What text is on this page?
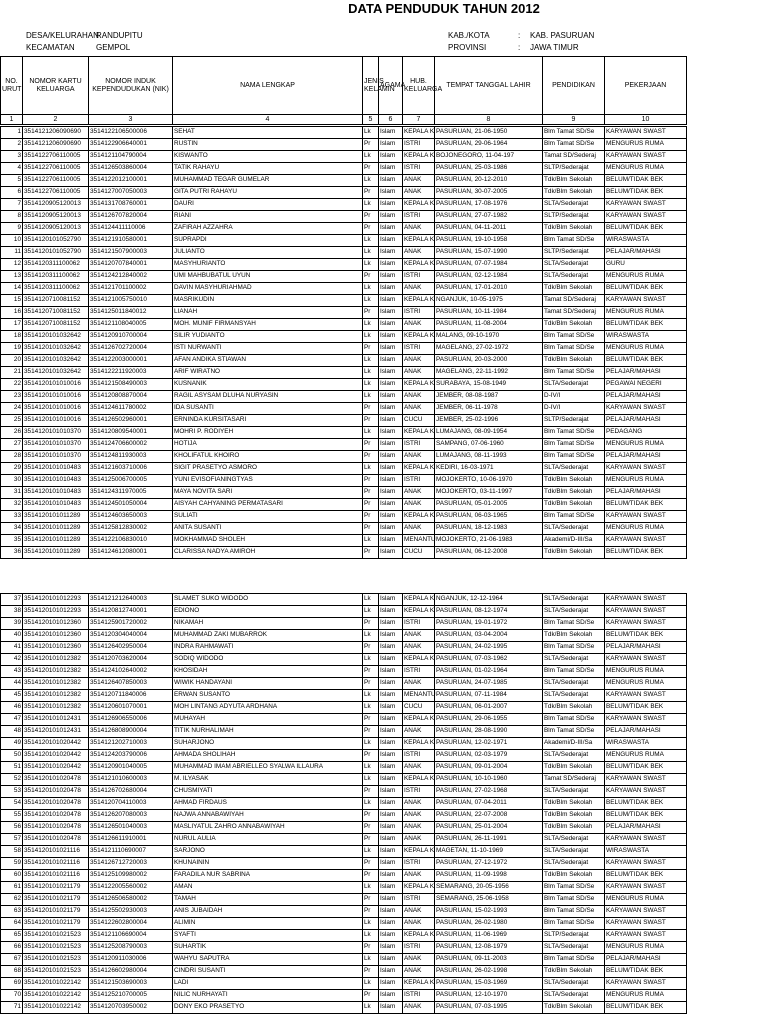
DATA PENDUDUK TAHUN 2012
DESA/KELURAHAN
RANDUPITU
KECAMATAN	GEMPOL
KAB./KOTA	: KAB. PASURUAN
PROVINSI	: JAWA TIMUR
NO. URUT	NOMOR KARTU KELUARGA	NOMOR INDUK KEPENDUDUKAN (NIK)	NAMA LENGKAP	JENIS KELAMIN	AGAMA	HUB. KELUARGA	TEMPAT TANGGAL LAHIR	PENDIDIKAN	PEKERJAAN
1	2	3	4	5	6	7	8	9	10
1	3514121206090690	3514122106500006	SEHAT	Lk	Islam	KEPALA K	PASURUAN, 21-06-1950	Blm Tamat SD/Se	KARYAWAN SWAST
2	3514121206090690	3514122906640001	RUSTIN	Pr	Islam	ISTRI	PASURUAN, 29-06-1964	Blm Tamat SD/Se	MENGURUS RUMA
3	3514122706110005	3514121104790004	KISWANTO	Lk	Islam	KEPALA K	BOJONEGORO, 11-04-197	Tamat SD/Sederaj	KARYAWAN SWAST
4	3514122706110005	3514126503860004	TATIK RAHAYU	Pr	Islam	ISTRI	PASURUAN, 25-03-1986	SLTP/Sederajat	MENGURUS RUMA
5	3514122706110005	3514122012100001	MUHAMMAD TEGAR GUMELAR	Lk	Islam	ANAK	PASURUAN, 20-12-2010	Tdk/Blm Sekolah	BELUM/TIDAK BEK
6	3514122706110005	3514127007050003	GITA PUTRI RAHAYU	Pr	Islam	ANAK	PASURUAN, 30-07-2005	Tdk/Blm Sekolah	BELUM/TIDAK BEK
7	3514120905120013	3514131708760001	DAURI	Lk	Islam	KEPALA K	PASURUAN, 17-08-1976	SLTA/Sederajat	KARYAWAN SWAST
8	3514120905120013	3514126707820004	RIANI	Pr	Islam	ISTRI	PASURUAN, 27-07-1982	SLTP/Sederajat	KARYAWAN SWAST
9	3514120905120013	3514124411110006	ZAFIRAH AZZAHRA	Pr	Islam	ANAK	PASURUAN, 04-11-2011	Tdk/Blm Sekolah	BELUM/TIDAK BEK
10	3514120101052790	3514121910580001	SUPRAPDI	Lk	Islam	KEPALA K	PASURUAN, 19-10-1958	Blm Tamat SD/Se	WIRASWASTA
11	3514120101052790	3514121507900003	JULIANTO	Lk	Islam	ANAK	PASURUAN, 15-07-1990	SLTP/Sederajat	PELAJAR/MAHASI
12	3514120311100062	3514120707840001	MASYHURIANTO	Lk	Islam	KEPALA K	PASURUAN, 07-07-1984	SLTA/Sederajat	GURU
13	3514120311100062	3514124212840002	UMI MAHBUBATUL UYUN	Pr	Islam	ISTRI	PASURUAN, 02-12-1984	SLTA/Sederajat	MENGURUS RUMA
14	3514120311100062	3514121701100002	DAVIN MASYHURIAHMAD	Lk	Islam	ANAK	PASURUAN, 17-01-2010	Tdk/Blm Sekolah	BELUM/TIDAK BEK
15	3514120710081152	3514121005750010	MASRIKUDIN	Lk	Islam	KEPALA K	NGANJUK, 10-05-1975	Tamat SD/Sederaj	KARYAWAN SWAST
16	3514120710081152	3514125011840012	LIANAH	Pr	Islam	ISTRI	PASURUAN, 10-11-1984	Tamat SD/Sederaj	MENGURUS RUMA
17	3514120710081152	3514121108040005	MOH. MUNIF FIRMANSYAH	Lk	Islam	ANAK	PASURUAN, 11-08-2004	Tdk/Blm Sekolah	BELUM/TIDAK BEK
18	3514120101032642	3514120910700004	SILIR YUDIANTO	Lk	Islam	KEPALA K	MALANG, 09-10-1970	Blm Tamat SD/Se	WIRASWASTA
19	3514120101032642	3514126702720004	ISTI NURWANTI	Pr	Islam	ISTRI	MAGELANG, 27-02-1972	Blm Tamat SD/Se	MENGURUS RUMA
20	3514120101032642	3514122003000001	AFAN ANDIKA STIAWAN	Lk	Islam	ANAK	PASURUAN, 20-03-2000	Tdk/Blm Sekolah	BELUM/TIDAK BEK
21	3514120101032642	3514122211920003	ARIF WIRATNO	Lk	Islam	ANAK	MAGELANG, 22-11-1992	Blm Tamat SD/Se	PELAJAR/MAHASI
22	3514120101010016	3514121508490003	KUSNANIK	Lk	Islam	KEPALA K	SURABAYA, 15-08-1949	SLTA/Sederajat	PEGAWAI NEGERI
23	3514120101010016	3514120808870004	RAGIL ASYSAM DLUHA NURYASIN	Lk	Islam	ANAK	JEMBER, 08-08-1987	D-IV/I	PELAJAR/MAHASI
24	3514120101010016	3514124611780002	IDA SUSANTI	Pr	Islam	ANAK	JEMBER, 06-11-1978	D-IV/I	KARYAWAN SWAST
25	3514120101010016	3514126502960001	ERNINDA KURSITASARI	Pr	Islam	CUCU	JEMBER, 25-02-1996	SLTP/Sederajat	PELAJAR/MAHASI
26	3514120101010370	3514120809540001	MOHRI P. RODIYEH	Lk	Islam	KEPALA K	LUMAJANG, 08-09-1954	Blm Tamat SD/Se	PEDAGANG
27	3514120101010370	3514124706600002	HOTIJA	Pr	Islam	ISTRI	SAMPANG, 07-06-1960	Blm Tamat SD/Se	MENGURUS RUMA
28	3514120101010370	3514124811930003	KHOLIFATUL KHOIRO	Pr	Islam	ANAK	LUMAJANG, 08-11-1993	Blm Tamat SD/Se	PELAJAR/MAHASI
29	3514120101010483	3514121603710006	SIGIT PRASETYO ASMORO	Lk	Islam	KEPALA K	KEDIRI, 16-03-1971	SLTA/Sederajat	KARYAWAN SWAST
30	3514120101010483	3514125006700005	YUNI EVISOFIANINGTYAS	Pr	Islam	ISTRI	MOJOKERTO, 10-06-1970	Tdk/Blm Sekolah	MENGURUS RUMA
31	3514120101010483	3514124311970005	MAYA NOVITA SARI	Pr	Islam	ANAK	MOJOKERTO, 03-11-1997	Tdk/Blm Sekolah	PELAJAR/MAHASI
32	3514120101010483	3514124501050004	AISYAH CAHYANING PERMATASARI	Pr	Islam	ANAK	PASURUAN, 05-01-2005	Tdk/Blm Sekolah	BELUM/TIDAK BEK
33	3514120101011289	3514124603650003	SULIATI	Pr	Islam	KEPALA K	PASURUAN, 06-03-1965	Blm Tamat SD/Se	KARYAWAN SWAST
34	3514120101011289	3514125812830002	ANITA SUSANTI	Pr	Islam	ANAK	PASURUAN, 18-12-1983	SLTA/Sederajat	MENGURUS RUMA
35	3514120101011289	3514122106830010	MOKHAMMAD SHOLEH	Lk	Islam	MENANTU	MOJOKERTO, 21-06-1983	Akademi/D-III/Sa	KARYAWAN SWAST
36	3514120101011289	3514124612080001	CLARISSA NADYA AMIROH	Pr	Islam	CUCU	PASURUAN, 06-12-2008	Tdk/Blm Sekolah	BELUM/TIDAK BEK
37	3514120101012293	3514121212640003	SLAMET SUKO WIDODO	Lk	Islam	KEPALA K	NGANJUK, 12-12-1964	SLTA/Sederajat	KARYAWAN SWAST
38	3514120101012293	3514120812740001	EDIONO	Lk	Islam	KEPALA K	PASURUAN, 08-12-1974	SLTA/Sederajat	KARYAWAN SWAST
39	3514120101012360	3514125901720002	NIKAMAH	Pr	Islam	ISTRI	PASURUAN, 19-01-1972	Blm Tamat SD/Se	KARYAWAN SWAST
40	3514120101012360	3514120304040004	MUHAMMAD ZAKI MUBARROK	Lk	Islam	ANAK	PASURUAN, 03-04-2004	Tdk/Blm Sekolah	BELUM/TIDAK BEK
41	3514120101012360	3514126402950004	INDRA RAHMAWATI	Pr	Islam	ANAK	PASURUAN, 24-02-1995	Blm Tamat SD/Se	PELAJAR/MAHASI
42	3514120101012382	3514120703620004	SODIQ WIDODO	Lk	Islam	KEPALA K	PASURUAN, 07-03-1962	SLTA/Sederajat	KARYAWAN SWAST
43	3514120101012382	3514124102640002	KHOSIDAH	Pr	Islam	ISTRI	PASURUAN, 01-02-1964	Blm Tamat SD/Se	MENGURUS RUMA
44	3514120101012382	3514126407850003	WIWIK HANDAYANI	Pr	Islam	ANAK	PASURUAN, 24-07-1985	SLTA/Sederajat	MENGURUS RUMA
45	3514120101012382	3514120711840006	ERWAN SUSANTO	Lk	Islam	MENANTU	PASURUAN, 07-11-1984	SLTA/Sederajat	KARYAWAN SWAST
46	3514120101012382	3514120601070001	MOH LINTANG ADYUTA ARDHANA	Lk	Islam	CUCU	PASURUAN, 06-01-2007	Tdk/Blm Sekolah	BELUM/TIDAK BEK
47	3514120101012431	3514126906550006	MUHAYAH	Pr	Islam	KEPALA K	PASURUAN, 29-06-1955	Blm Tamat SD/Se	KARYAWAN SWAST
48	3514120101012431	3514126808900004	TITIK NURHALIMAH	Pr	Islam	ANAK	PASURUAN, 28-08-1990	Blm Tamat SD/Se	PELAJAR/MAHASI
49	3514120101020442	3514121202710003	SUHARJONO	Lk	Islam	KEPALA K	PASURUAN, 12-02-1971	Akademi/D-III/Sa	WIRASWASTA
50	3514120101020442	3514124203790006	AHMADA SHOLIHAH	Pr	Islam	ISTRI	PASURUAN, 02-03-1979	SLTA/Sederajat	MENGURUS RUMA
51	3514120101020442	3514120901040005	MUHAMMAD IMAM ABRIELLEO SYALWA ILLAURA	Lk	Islam	ANAK	PASURUAN, 09-01-2004	Tdk/Blm Sekolah	BELUM/TIDAK BEK
52	3514120101020478	3514121010600003	M. ILYASAK	Lk	Islam	KEPALA K	PASURUAN, 10-10-1960	Tamat SD/Sederaj	KARYAWAN SWAST
53	3514120101020478	3514126702680004	CHUSMIYATI	Pr	Islam	ISTRI	PASURUAN, 27-02-1968	SLTA/Sederajat	KARYAWAN SWAST
54	3514120101020478	3514120704110003	AHMAD FIRDAUS	Lk	Islam	ANAK	PASURUAN, 07-04-2011	Tdk/Blm Sekolah	BELUM/TIDAK BEK
55	3514120101020478	3514126207080003	NAJWA ANNABAWIYAH	Pr	Islam	ANAK	PASURUAN, 22-07-2008	Tdk/Blm Sekolah	BELUM/TIDAK BEK
56	3514120101020478	3514126501040003	MASLIYATUL ZAHRO ANNABAWIYAH	Pr	Islam	ANAK	PASURUAN, 25-01-2004	Tdk/Blm Sekolah	PELAJAR/MAHASI
57	3514120101020478	3514126611910001	NURUL AULIA	Pr	Islam	ANAK	PASURUAN, 26-11-1991	SLTA/Sederajat	KARYAWAN SWAST
58	3514120101021116	3514121110690007	SARJONO	Lk	Islam	KEPALA K	MAGETAN, 11-10-1969	SLTA/Sederajat	WIRASWASTA
59	3514120101021116	3514126712720003	KHUNAININ	Pr	Islam	ISTRI	PASURUAN, 27-12-1972	SLTA/Sederajat	KARYAWAN SWAST
60	3514120101021116	3514125109980002	FARADILA NUR SABRINA	Pr	Islam	ANAK	PASURUAN, 11-09-1998	Tdk/Blm Sekolah	BELUM/TIDAK BEK
61	3514120101021179	3514122005560002	AMAN	Lk	Islam	KEPALA K	SEMARANG, 20-05-1956	Blm Tamat SD/Se	KARYAWAN SWAST
62	3514120101021179	3514126506580002	TAMAH	Pr	Islam	ISTRI	SEMARANG, 25-06-1958	Blm Tamat SD/Se	MENGURUS RUMA
63	3514120101021179	3514125502930003	ANIS JUBAIDAH	Pr	Islam	ANAK	PASURUAN, 15-02-1993	Blm Tamat SD/Se	KARYAWAN SWAST
64	3514120101021179	3514122602800004	ALIMIN	Lk	Islam	ANAK	PASURUAN, 26-02-1980	Blm Tamat SD/Se	KARYAWAN SWAST
65	3514120101021523	3514121106690004	SYAFTI	Lk	Islam	KEPALA K	PASURUAN, 11-06-1969	SLTP/Sederajat	KARYAWAN SWAST
66	3514120101021523	3514125208790003	SUHARTIK	Pr	Islam	ISTRI	PASURUAN, 12-08-1979	SLTA/Sederajat	MENGURUS RUMA
67	3514120101021523	3514120911030006	WAHYU SAPUTRA	Lk	Islam	ANAK	PASURUAN, 09-11-2003	Blm Tamat SD/Se	PELAJAR/MAHASI
68	3514120101021523	3514126602980004	CINDRI SUSANTI	Pr	Islam	ANAK	PASURUAN, 26-02-1998	Tdk/Blm Sekolah	BELUM/TIDAK BEK
69	3514120101022142	3514121503690003	LADI	Lk	Islam	KEPALA K	PASURUAN, 15-03-1969	SLTA/Sederajat	KARYAWAN SWAST
70	3514120101022142	3514125210700005	NILIC NURHAYATI	Pr	Islam	ISTRI	PASURUAN, 12-10-1970	SLTA/Sederajat	MENGURUS RUMA
71	3514120101022142	3514120703950002	DONY EKO PRASETYO	Lk	Islam	ANAK	PASURUAN, 07-03-1995	Tdk/Blm Sekolah	BELUM/TIDAK BEK
